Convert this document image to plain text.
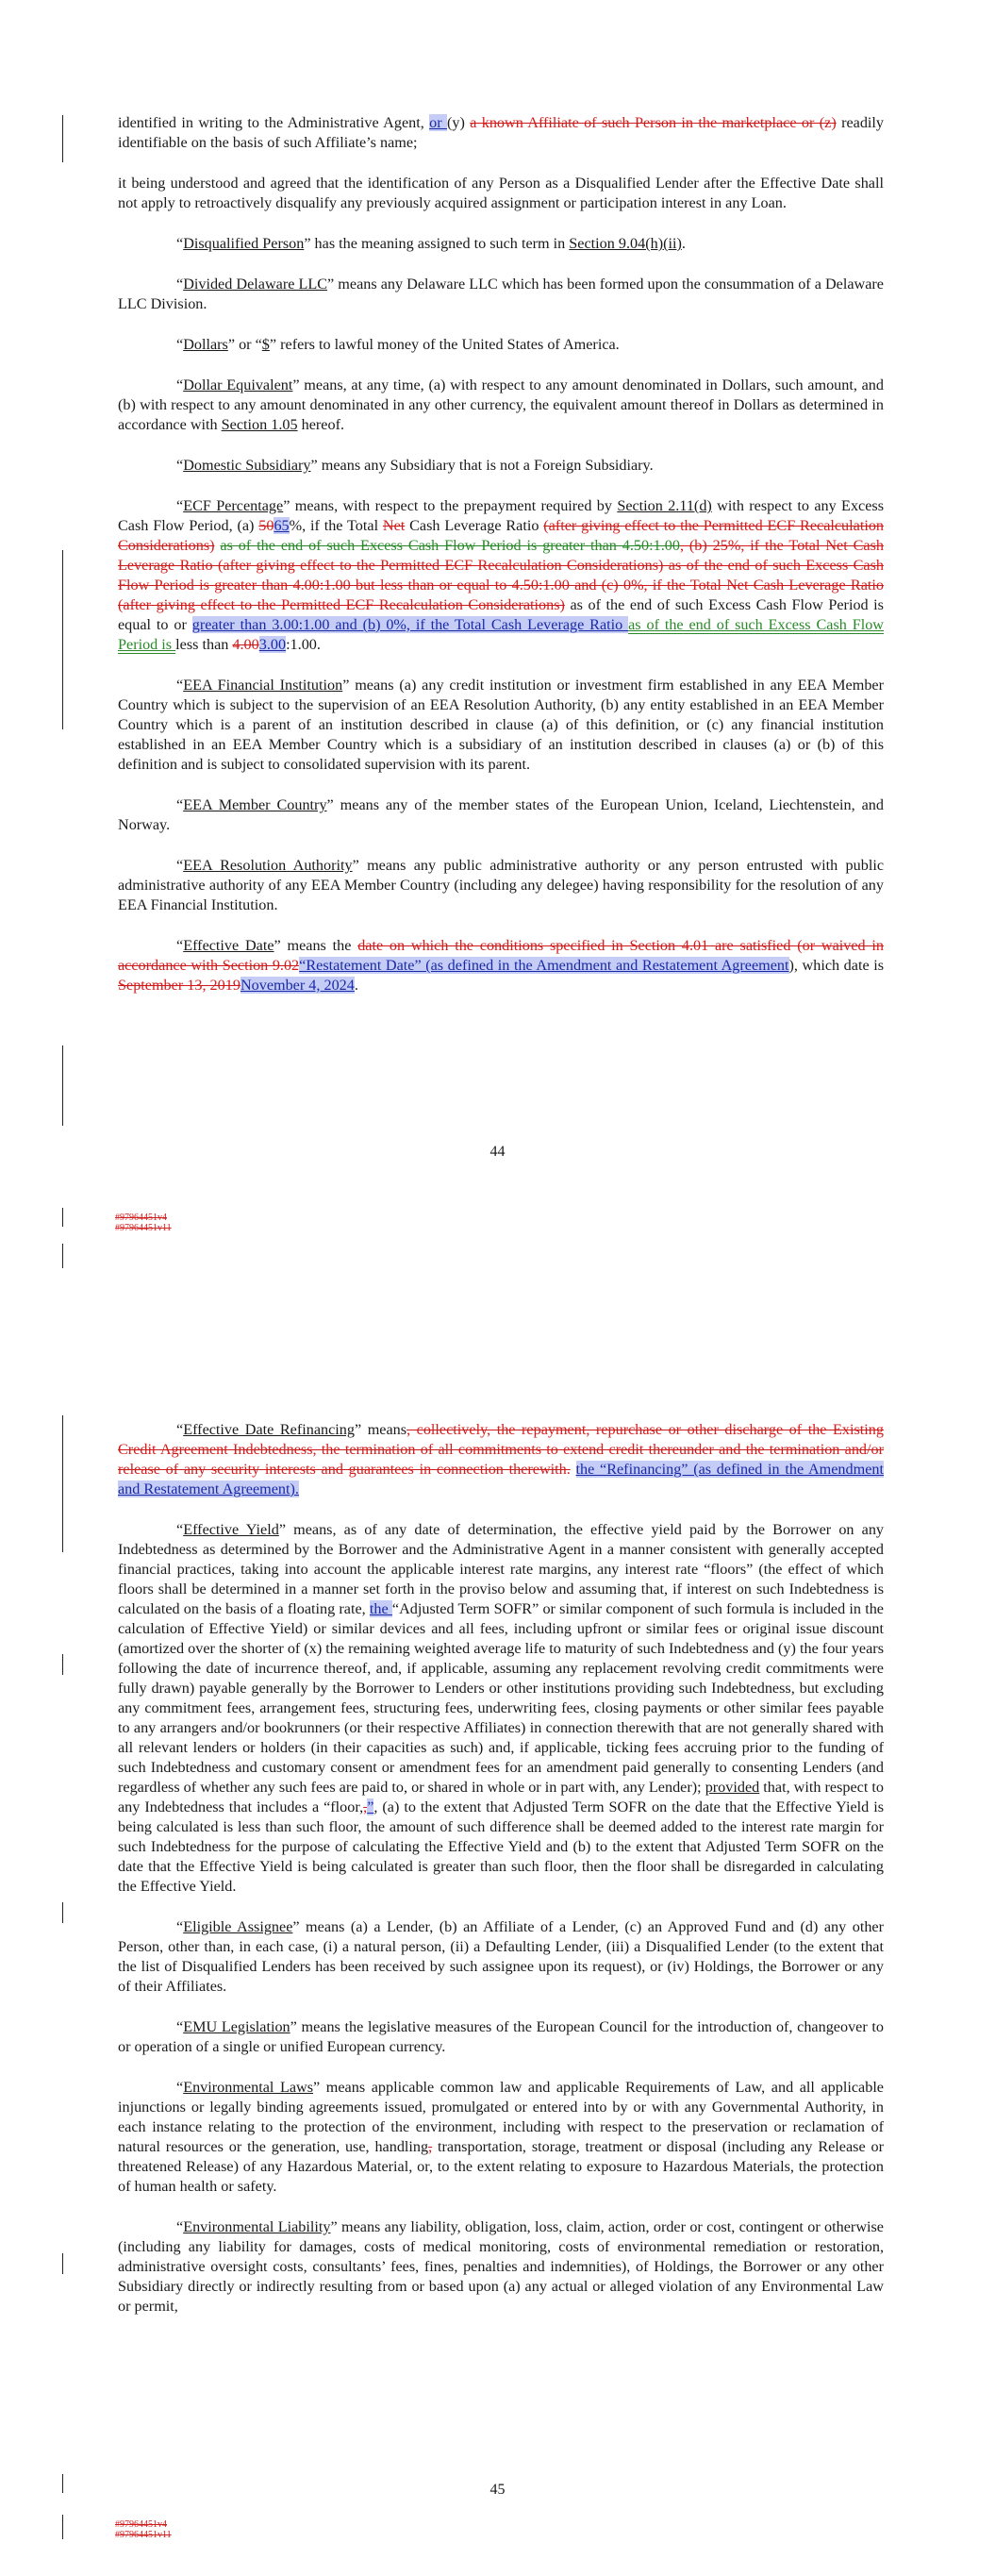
identified in writing to the Administrative Agent, or (y) a known Affiliate of such Person in the marketplace or (z) readily identifiable on the basis of such Affiliate’s name;

it being understood and agreed that the identification of any Person as a Disqualified Lender after the Effective Date shall not apply to retroactively disqualify any previously acquired assignment or participation interest in any Loan.

“Disqualified Person” has the meaning assigned to such term in Section 9.04(h)(ii).

“Divided Delaware LLC” means any Delaware LLC which has been formed upon the consummation of a Delaware LLC Division.

“Dollars” or “$” refers to lawful money of the United States of America.

“Dollar Equivalent” means, at any time, (a) with respect to any amount denominated in Dollars, such amount, and (b) with respect to any amount denominated in any other currency, the equivalent amount thereof in Dollars as determined in accordance with Section 1.05 hereof.

“Domestic Subsidiary” means any Subsidiary that is not a Foreign Subsidiary.

“ECF Percentage” means, with respect to the prepayment required by Section 2.11(d) with respect to any Excess Cash Flow Period, (a) 5065%, if the Total Net Cash Leverage Ratio (after giving effect to the Permitted ECF Recalculation Considerations) as of the end of such Excess Cash Flow Period is greater than 4.50:1.00, (b) 25%, if the Total Net Cash Leverage Ratio (after giving effect to the Permitted ECF Recalculation Considerations) as of the end of such Excess Cash Flow Period is greater than 4.00:1.00 but less than or equal to 4.50:1.00 and (c) 0%, if the Total Net Cash Leverage Ratio (after giving effect to the Permitted ECF Recalculation Considerations) as of the end of such Excess Cash Flow Period is equal to or greater than 3.00:1.00 and (b) 0%, if the Total Cash Leverage Ratio as of the end of such Excess Cash Flow Period is less than 4.003.00:1.00.

“EEA Financial Institution” means (a) any credit institution or investment firm established in any EEA Member Country which is subject to the supervision of an EEA Resolution Authority, (b) any entity established in an EEA Member Country which is a parent of an institution described in clause (a) of this definition, or (c) any financial institution established in an EEA Member Country which is a subsidiary of an institution described in clauses (a) or (b) of this definition and is subject to consolidated supervision with its parent.

“EEA Member Country” means any of the member states of the European Union, Iceland, Liechtenstein, and Norway.

“EEA Resolution Authority” means any public administrative authority or any person entrusted with public administrative authority of any EEA Member Country (including any delegee) having responsibility for the resolution of any EEA Financial Institution.

“Effective Date” means the date on which the conditions specified in Section 4.01 are satisfied (or waived in accordance with Section 9.02“Restatement Date” (as defined in the Amendment and Restatement Agreement), which date is September 13, 2019November 4, 2024.

44
#97964451v4
#97964451v11

“Effective Date Refinancing” means, collectively, the repayment, repurchase or other discharge of the Existing Credit Agreement Indebtedness, the termination of all commitments to extend credit thereunder and the termination and/or release of any security interests and guarantees in connection therewith. the “Refinancing” (as defined in the Amendment and Restatement Agreement).

“Effective Yield” means, as of any date of determination, the effective yield paid by the Borrower on any Indebtedness as determined by the Borrower and the Administrative Agent in a manner consistent with generally accepted financial practices, taking into account the applicable interest rate margins, any interest rate “floors” (the effect of which floors shall be determined in a manner set forth in the proviso below and assuming that, if interest on such Indebtedness is calculated on the basis of a floating rate, the “Adjusted Term SOFR” or similar component of such formula is included in the calculation of Effective Yield) or similar devices and all fees, including upfront or similar fees or original issue discount (amortized over the shorter of (x) the remaining weighted average life to maturity of such Indebtedness and (y) the four years following the date of incurrence thereof, and, if applicable, assuming any replacement revolving credit commitments were fully drawn) payable generally by the Borrower to Lenders or other institutions providing such Indebtedness, but excluding any commitment fees, arrangement fees, structuring fees, underwriting fees, closing payments or other similar fees payable to any arrangers and/or bookrunners (or their respective Affiliates) in connection therewith that are not generally shared with all relevant lenders or holders (in their capacities as such) and, if applicable, ticking fees accruing prior to the funding of such Indebtedness and customary consent or amendment fees for an amendment paid generally to consenting Lenders (and regardless of whether any such fees are paid to, or shared in whole or in part with, any Lender); provided that, with respect to any Indebtedness that includes a “floor,,”, (a) to the extent that Adjusted Term SOFR on the date that the Effective Yield is being calculated is less than such floor, the amount of such difference shall be deemed added to the interest rate margin for such Indebtedness for the purpose of calculating the Effective Yield and (b) to the extent that Adjusted Term SOFR on the date that the Effective Yield is being calculated is greater than such floor, then the floor shall be disregarded in calculating the Effective Yield.

“Eligible Assignee” means (a) a Lender, (b) an Affiliate of a Lender, (c) an Approved Fund and (d) any other Person, other than, in each case, (i) a natural person, (ii) a Defaulting Lender, (iii) a Disqualified Lender (to the extent that the list of Disqualified Lenders has been received by such assignee upon its request), or (iv) Holdings, the Borrower or any of their Affiliates.

“EMU Legislation” means the legislative measures of the European Council for the introduction of, changeover to or operation of a single or unified European currency.

“Environmental Laws” means applicable common law and applicable Requirements of Law, and all applicable injunctions or legally binding agreements issued, promulgated or entered into by or with any Governmental Authority, in each instance relating to the protection of the environment, including with respect to the preservation or reclamation of natural resources or the generation, use, handling, transportation, storage, treatment or disposal (including any Release or threatened Release) of any Hazardous Material, or, to the extent relating to exposure to Hazardous Materials, the protection of human health or safety.

“Environmental Liability” means any liability, obligation, loss, claim, action, order or cost, contingent or otherwise (including any liability for damages, costs of medical monitoring, costs of environmental remediation or restoration, administrative oversight costs, consultants’ fees, fines, penalties and indemnities), of Holdings, the Borrower or any other Subsidiary directly or indirectly resulting from or based upon (a) any actual or alleged violation of any Environmental Law or permit,

45
#97964451v4
#97964451v11
